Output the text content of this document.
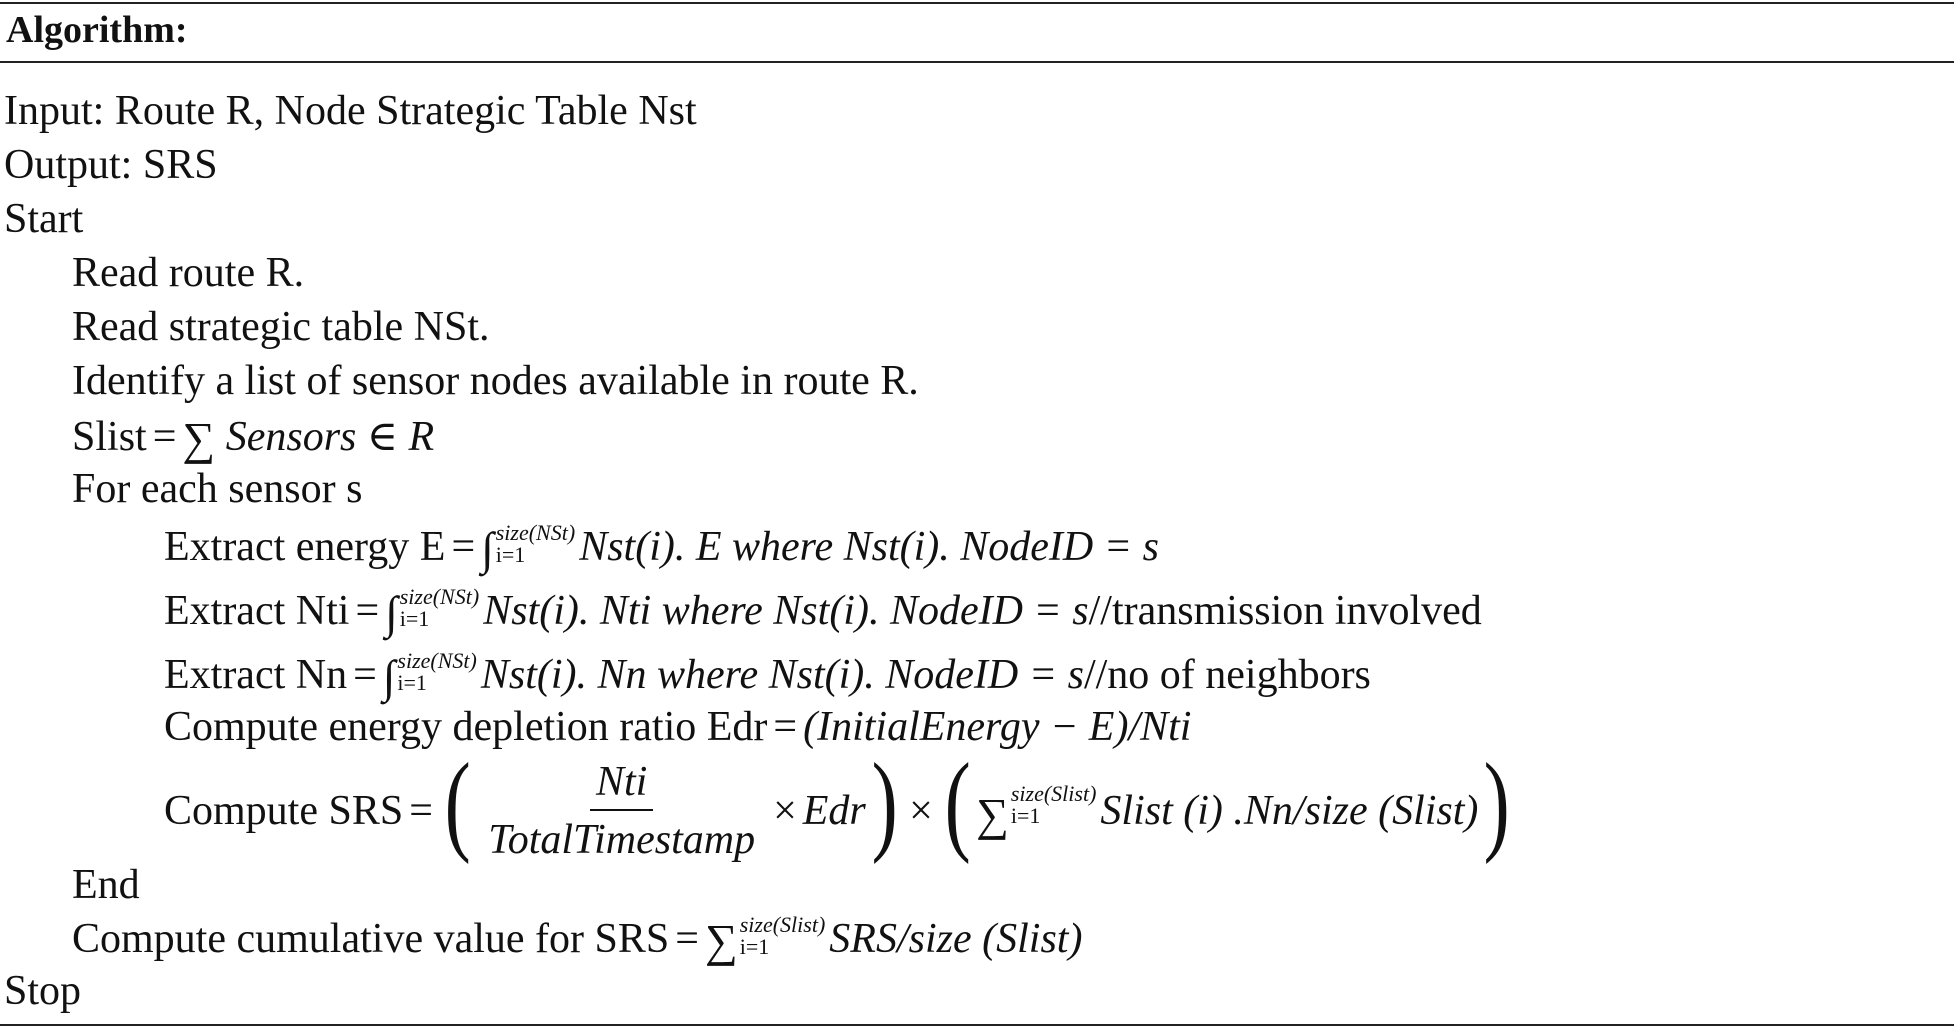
Algorithm:
Input: Route R, Node Strategic Table Nst
Output: SRS
Start
Read route R.
Read strategic table NSt.
Identify a list of sensor nodes available in route R.
Slist = ∑ Sensors ∈ R
For each sensor s
Extract energy E = ∫ size(NSt)
i=1	Nst(i). E where Nst(i). NodeID = s
Extract Nti = ∫ size(NSt)
i=1	Nst(i). Nti where Nst(i). NodeID = s//transmission involved
Extract Nn = ∫ size(NSt)
i=1	Nst(i). Nn where Nst(i). NodeID = s//no of neighbors
Compute energy depletion ratio Edr = (InitialEnergy − E)/Nti
Compute SRS = ( $\frac{\text{Nti}}{\text{TotalTimestamp}}$ × Edr ) × ( ∑ size(Slist)
i=1	Slist (i) .Nn/size (Slist) )
End
Compute cumulative value for SRS = ∑ size(Slist)
i=1	SRS/size (Slist)
Stop
